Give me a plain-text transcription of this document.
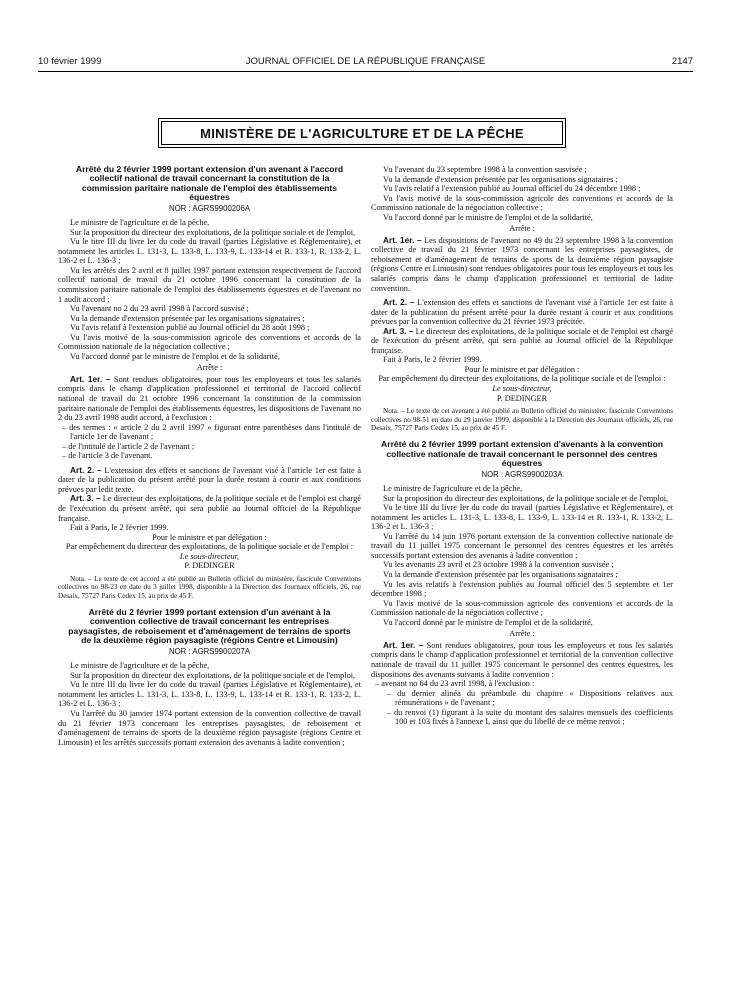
10 février 1999	JOURNAL OFFICIEL DE LA RÉPUBLIQUE FRANÇAISE	2147
MINISTÈRE DE L'AGRICULTURE ET DE LA PÊCHE

Arrêté du 2 février 1999 portant extension d'un avenant à l'accord collectif national de travail concernant la constitution de la commission paritaire nationale de l'emploi des établissements équestres

NOR : AGRS9900206A

Le ministre de l'agriculture et de la pêche,

Sur la proposition du directeur des exploitations, de la politique sociale et de l'emploi,

Vu le titre III du livre Ier du code du travail (parties Législative et Réglementaire), et notamment les articles L. 131-3, L. 133-8, L. 133-9, L. 133-14 et R. 133-1, R. 133-2, L. 136-2 et L. 136-3 ;

Vu les arrêtés des 2 avril et 8 juillet 1997 portant extension respectivement de l'accord collectif national de travail du 21 octobre 1996 concernant la constitution de la commission paritaire nationale de l'emploi des établissements équestres et de l'avenant no 1 audit accord ;

Vu l'avenant no 2 du 23 avril 1998 à l'accord susvisé ;

Vu la demande d'extension présentée par les organisations signataires ;

Vu l'avis relatif à l'extension publié au Journal officiel du 28 août 1998 ;

Vu l'avis motivé de la sous-commission agricole des conventions et accords de la Commission nationale de la négociation collective ;

Vu l'accord donné par le ministre de l'emploi et de la solidarité,

Arrête :

Art. 1er. – Sont rendues obligatoires, pour tous les employeurs et tous les salariés compris dans le champ d'application professionnel et territorial de l'accord collectif national de travail du 21 octobre 1996 concernant la constitution de la commission paritaire nationale de l'emploi des établissements équestres, les dispositions de l'avenant no 2 du 23 avril 1998 audit accord, à l'exclusion :

– des termes : « article 2 du 2 avril 1997 » figurant entre parenthèses dans l'intitulé de l'article 1er de l'avenant ;

– de l'intitulé de l'article 2 de l'avenant ;

– de l'article 3 de l'avenant.

Art. 2. – L'extension des effets et sanctions de l'avenant visé à l'article 1er est faite à dater de la publication du présent arrêté pour la durée restant à courir et aux conditions prévues par ledit texte.

Art. 3. – Le directeur des exploitations, de la politique sociale et de l'emploi est chargé de l'exécution du présent arrêté, qui sera publié au Journal officiel de la République française.

Fait à Paris, le 2 février 1999.

Pour le ministre et par délégation :

Par empêchement du directeur des exploitations, de la politique sociale et de l'emploi :

Le sous-directeur,

P. DEDINGER

Nota. – Le texte de cet accord a été publié au Bulletin officiel du ministère, fascicule Conventions collectives no 98-23 en date du 3 juillet 1998, disponible à la Direction des Journaux officiels, 26, rue Desaix, 75727 Paris Cedex 15, au prix de 45 F.

Arrêté du 2 février 1999 portant extension d'un avenant à la convention collective de travail concernant les entreprises paysagistes, de reboisement et d'aménagement de terrains de sports de la deuxième région paysagiste (régions Centre et Limousin)

NOR : AGRS9900207A

Le ministre de l'agriculture et de la pêche,

Sur la proposition du directeur des exploitations, de la politique sociale et de l'emploi,

Vu le titre III du livre Ier du code du travail (parties Législative et Réglementaire), et notamment les articles L. 131-3, L. 133-8, L. 133-9, L. 133-14 et R. 133-1, R. 133-2, L. 136-2 et L. 136-3 ;

Vu l'arrêté du 30 janvier 1974 portant extension de la convention collective de travail du 21 février 1973 concernant les entreprises paysagistes, de reboisement et d'aménagement de terrains de sports de la deuxième région paysagiste (régions Centre et Limousin) et les arrêtés successifs portant extension des avenants à ladite convention ;

Vu l'avenant du 23 septembre 1998 à la convention susvisée ;

Vu la demande d'extension présentée par les organisations signataires ;

Vu l'avis relatif à l'extension publié au Journal officiel du 24 décembre 1998 ;

Vu l'avis motivé de la sous-commission agricole des conventions et accords de la Commission nationale de la négociation collective ;

Vu l'accord donné par le ministre de l'emploi et de la solidarité,

Arrête :

Art. 1er. – Les dispositions de l'avenant no 49 du 23 septembre 1998 à la convention collective de travail du 21 février 1973 concernant les entreprises paysagistes, de reboisement et d'aménagement de terrains de sports de la deuxième région paysagiste (régions Centre et Limousin) sont rendues obligatoires pour tous les employeurs et tous les salariés compris dans le champ d'application professionnel et territorial de ladite convention.

Art. 2. – L'extension des effets et sanctions de l'avenant visé à l'article 1er est faite à dater de la publication du présent arrêté pour la durée restant à courir et aux conditions prévues par la convention collective du 21 février 1973 précitée.

Art. 3. – Le directeur des exploitations, de la politique sociale et de l'emploi est chargé de l'exécution du présent arrêté, qui sera publié au Journal officiel de la République française.

Fait à Paris, le 2 février 1999.

Pour le ministre et par délégation :

Par empêchement du directeur des exploitations, de la politique sociale et de l'emploi :

Le sous-directeur,

P. DEDINGER

Nota. – Le texte de cet avenant a été publié au Bulletin officiel du ministère, fascicule Conventions collectives no 98-51 en date du 29 janvier 1999, disponible à la Direction des Journaux officiels, 26, rue Desaix, 75727 Paris Cedex 15, au prix de 45 F.

Arrêté du 2 février 1999 portant extension d'avenants à la convention collective nationale de travail concernant le personnel des centres équestres

NOR : AGRS9900203A

Le ministre de l'agriculture et de la pêche,

Sur la proposition du directeur des exploitations, de la politique sociale et de l'emploi,

Vu le titre III du livre Ier du code du travail (parties Législative et Réglementaire), et notamment les articles L. 131-3, L. 133-8, L. 133-9, L. 133-14 et R. 133-1, R. 133-2, L. 136-2 et L. 136-3 ;

Vu l'arrêté du 14 juin 1976 portant extension de la convention collective nationale de travail du 11 juillet 1975 concernant le personnel des centres équestres et les arrêtés successifs portant extension des avenants à ladite convention ;

Vu les avenants 23 avril et 23 octobre 1998 à la convention susvisée ;

Vu la demande d'extension présentée par les organisations signataires ;

Vu les avis relatifs à l'extension publiés au Journal officiel des 5 septembre et 1er décembre 1998 ;

Vu l'avis motivé de la sous-commission agricole des conventions et accords de la Commission nationale de la négociation collective ;

Vu l'accord donné par le ministre de l'emploi et de la solidarité,

Arrête :

Art. 1er. – Sont rendues obligatoires, pour tous les employeurs et tous les salariés compris dans le champ d'application professionnel et territorial de la convention collective nationale de travail du 11 juillet 1975 concernant le personnel des centres équestres, les dispositions des avenants suivants à ladite convention :

– avenant no 64 du 23 avril 1998, à l'exclusion :

– du dernier alinéa du préambule du chapitre « Dispositions relatives aux rémunérations » de l'avenant ;

– du renvoi (1) figurant à la suite du montant des salaires mensuels des coefficients 100 et 103 fixés à l'annexe I, ainsi que du libellé de ce même renvoi ;
